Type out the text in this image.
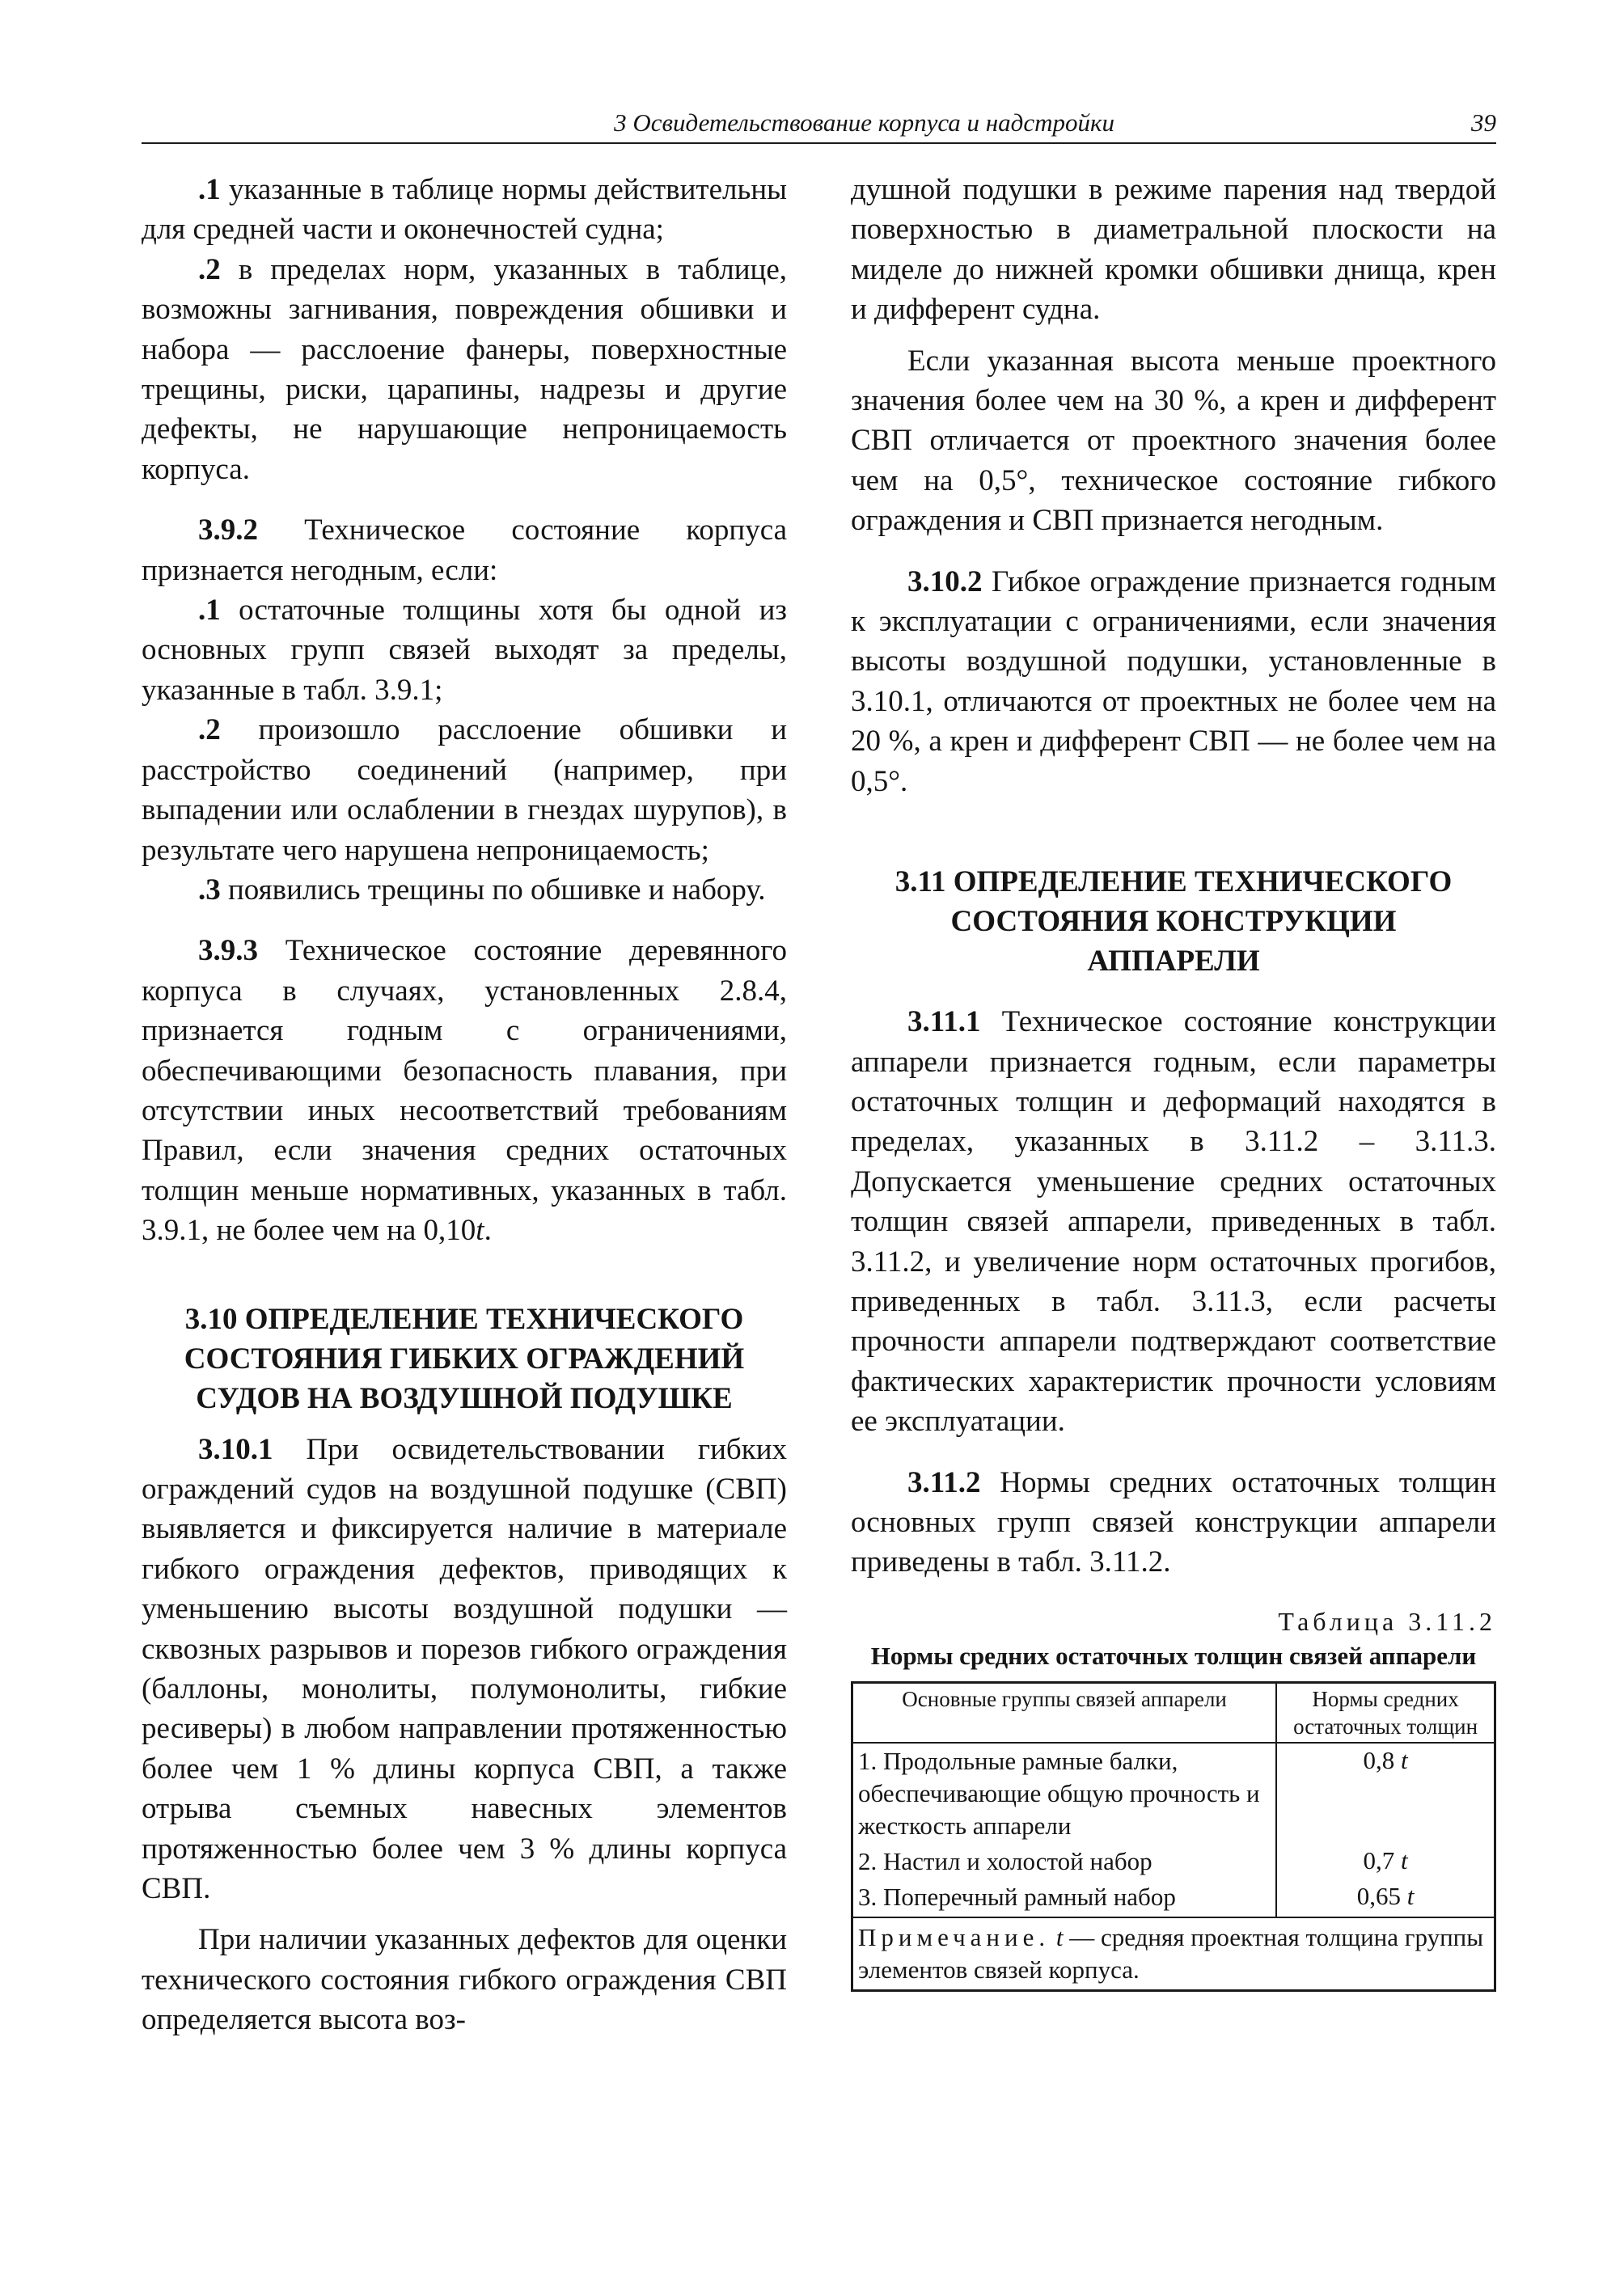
3 Освидетельствование корпуса и надстройки	39

.1 указанные в таблице нормы действительны для средней части и оконечностей судна;

.2 в пределах норм, указанных в таблице, возможны загнивания, повреждения обшивки и набора — расслоение фанеры, поверхностные трещины, риски, царапины, надрезы и другие дефекты, не нарушающие непроницаемость корпуса.

3.9.2 Техническое состояние корпуса признается негодным, если:

.1 остаточные толщины хотя бы одной из основных групп связей выходят за пределы, указанные в табл. 3.9.1;

.2 произошло расслоение обшивки и расстройство соединений (например, при выпадении или ослаблении в гнездах шурупов), в результате чего нарушена непроницаемость;

.3 появились трещины по обшивке и набору.

3.9.3 Техническое состояние деревянного корпуса в случаях, установленных 2.8.4, признается годным с ограничениями, обеспечивающими безопасность плавания, при отсутствии иных несоответствий требованиям Правил, если значения средних остаточных толщин меньше нормативных, указанных в табл. 3.9.1, не более чем на 0,10t.

3.10 ОПРЕДЕЛЕНИЕ ТЕХНИЧЕСКОГО СОСТОЯНИЯ ГИБКИХ ОГРАЖДЕНИЙ СУДОВ НА ВОЗДУШНОЙ ПОДУШКЕ

3.10.1 При освидетельствовании гибких ограждений судов на воздушной подушке (СВП) выявляется и фиксируется наличие в материале гибкого ограждения дефектов, приводящих к уменьшению высоты воздушной подушки — сквозных разрывов и порезов гибкого ограждения (баллоны, монолиты, полумонолиты, гибкие ресиверы) в любом направлении протяженностью более чем 1 % длины корпуса СВП, а также отрыва съемных навесных элементов протяженностью более чем 3 % длины корпуса СВП.

При наличии указанных дефектов для оценки технического состояния гибкого ограждения СВП определяется высота воз-

душной подушки в режиме парения над твердой поверхностью в диаметральной плоскости на миделе до нижней кромки обшивки днища, крен и дифферент судна.

Если указанная высота меньше проектного значения более чем на 30 %, а крен и дифферент СВП отличается от проектного значения более чем на 0,5°, техническое состояние гибкого ограждения и СВП признается негодным.

3.10.2 Гибкое ограждение признается годным к эксплуатации с ограничениями, если значения высоты воздушной подушки, установленные в 3.10.1, отличаются от проектных не более чем на 20 %, а крен и дифферент СВП — не более чем на 0,5°.

3.11 ОПРЕДЕЛЕНИЕ ТЕХНИЧЕСКОГО СОСТОЯНИЯ КОНСТРУКЦИИ АППАРЕЛИ

3.11.1 Техническое состояние конструкции аппарели признается годным, если параметры остаточных толщин и деформаций находятся в пределах, указанных в 3.11.2 – 3.11.3. Допускается уменьшение средних остаточных толщин связей аппарели, приведенных в табл. 3.11.2, и увеличение норм остаточных прогибов, приведенных в табл. 3.11.3, если расчеты прочности аппарели подтверждают соответствие фактических характеристик прочности условиям ее эксплуатации.

3.11.2 Нормы средних остаточных толщин основных групп связей конструкции аппарели приведены в табл. 3.11.2.

Таблица 3.11.2
Нормы средних остаточных толщин связей аппарели
Основные группы связей аппарели	Нормы средних остаточных толщин
1. Продольные рамные балки, обеспечивающие общую прочность и жесткость аппарели	0,8 t
2. Настил и холостой набор	0,7 t
3. Поперечный рамный набор	0,65 t
Примечание. t — средняя проектная толщина группы элементов связей корпуса.	
